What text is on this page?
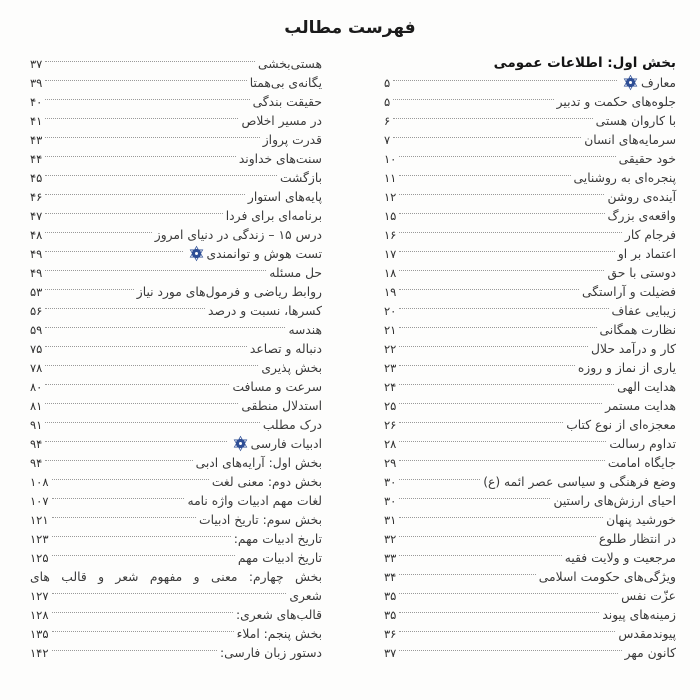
فهرست مطالب
بخش اول: اطلاعات عمومی
معارف
۵
جلوه‌های حکمت و تدبیر
۵
با کاروان هستی
۶
سرمایه‌های انسان
۷
خود حقیقی
۱۰
پنجره‌ای به روشنایی
۱۱
آینده‌ی روشن
۱۲
واقعه‌ی بزرگ
۱۵
فرجام کار
۱۶
اعتماد بر او
۱۷
دوستی با حق
۱۸
فضیلت و آراستگی
۱۹
زیبایی عفاف
۲۰
نظارت همگانی
۲۱
کار و درآمد حلال
۲۲
یاری از نماز و روزه
۲۳
هدایت الهی
۲۴
هدایت مستمر
۲۵
معجزه‌ای از نوع کتاب
۲۶
تداوم رسالت
۲۸
جایگاه امامت
۲۹
وضع فرهنگی و سیاسی عصر ائمه (ع)
۳۰
احیای ارزش‌های راستین
۳۰
خورشید پنهان
۳۱
در انتظار طلوع
۳۲
مرجعیت و ولایت فقیه
۳۳
ویژگی‌های حکومت اسلامی
۳۴
عزّت نفس
۳۵
زمینه‌های پیوند
۳۵
پیوندمقدس
۳۶
کانون مهر
۳۷
هستی‌بخشی
۳۷
یگانه‌ی بی‌همتا
۳۹
حقیقت بندگی
۴۰
در مسیر اخلاص
۴۱
قدرت پرواز
۴۳
سنت‌های خداوند
۴۴
بازگشت
۴۵
پایه‌های استوار
۴۶
برنامه‌ای برای فردا
۴۷
درس ۱۵ – زندگی در دنیای امروز
۴۸
تست هوش و توانمندی
۴۹
حل مسئله
۴۹
روابط ریاضی و فرمول‌های مورد نیاز
۵۳
کسرها، نسبت و درصد
۵۶
هندسه
۵۹
دنباله و تصاعد
۷۵
بخش پذیری
۷۸
سرعت و مسافت
۸۰
استدلال منطقی
۸۱
درک مطلب
۹۱
ادبیات فارسی
۹۴
بخش اول: آرایه‌های ادبی
۹۴
بخش دوم: معنی لغت
۱۰۸
لغات مهم ادبیات واژه نامه
۱۰۷
بخش سوم: تاریخ ادبیات
۱۲۱
تاریخ ادبیات مهم:
۱۲۳
تاریخ ادبیات مهم
۱۲۵
بخش چهارم: معنی و مفهوم شعر و قالب های
شعری
۱۲۷
قالب‌های شعری:
۱۲۸
بخش پنجم: املاء
۱۳۵
دستور زبان فارسی:
۱۴۲
